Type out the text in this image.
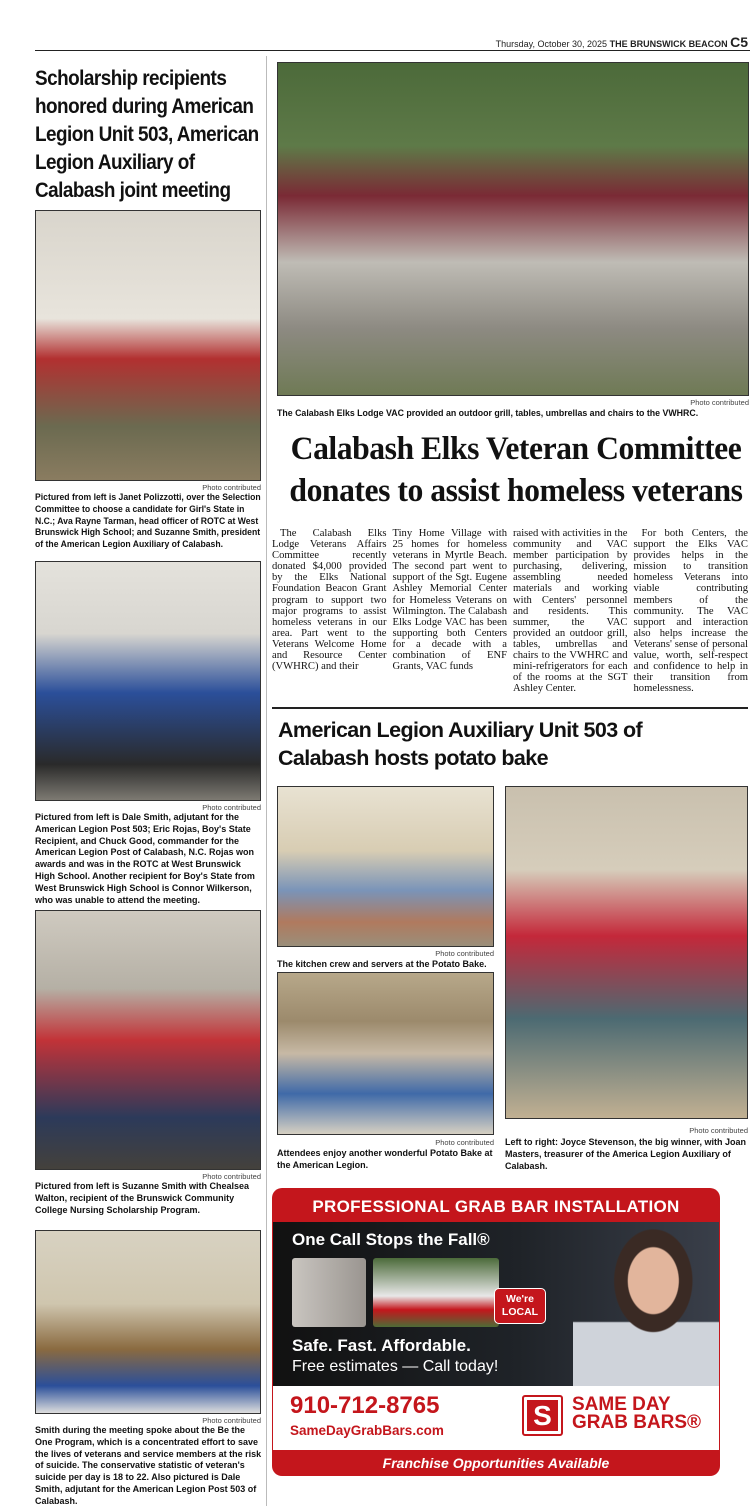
Thursday, October 30, 2025 THE BRUNSWICK BEACON C5
Scholarship recipients honored during American Legion Unit 503, American Legion Auxiliary of Calabash joint meeting
Photo contributed
Pictured from left is Janet Polizzotti, over the Selection Committee to choose a candidate for Girl's State in N.C.; Ava Rayne Tarman, head officer of ROTC at West Brunswick High School; and Suzanne Smith, president of the American Legion Auxiliary of Calabash.
Photo contributed
Pictured from left is Dale Smith, adjutant for the American Legion Post 503; Eric Rojas, Boy's State Recipient, and Chuck Good, commander for the American Legion Post of Calabash, N.C. Rojas won awards and was in the ROTC at West Brunswick High School. Another recipient for Boy's State from West Brunswick High School is Connor Wilkerson, who was unable to attend the meeting.
Photo contributed
Pictured from left is Suzanne Smith with Chealsea Walton, recipient of the Brunswick Community College Nursing Scholarship Program.
Photo contributed
Smith during the meeting spoke about the Be the One Program, which is a concentrated effort to save the lives of veterans and service members at the risk of suicide. The conservative statistic of veteran's suicide per day is 18 to 22. Also pictured is Dale Smith, adjutant for the American Legion Post 503 of Calabash.
Photo contributed
The Calabash Elks Lodge VAC provided an outdoor grill, tables, umbrellas and chairs to the VWHRC.
Calabash Elks Veteran Committee donates to assist homeless veterans

The Calabash Elks Lodge Veterans Affairs Committee recently donated $4,000 provided by the Elks National Foundation Beacon Grant program to support two major programs to assist homeless veterans in our area. Part went to the Veterans Welcome Home and Resource Center (VWHRC) and their

Tiny Home Village with 25 homes for homeless veterans in Myrtle Beach. The second part went to support of the Sgt. Eugene Ashley Memorial Center for Homeless Veterans on Wilmington. The Calabash Elks Lodge VAC has been supporting both Centers for a decade with a combination of ENF Grants, VAC funds

raised with activities in the community and VAC member participation by purchasing, delivering, assembling needed materials and working with Centers' personnel and residents. This summer, the VAC provided an outdoor grill, tables, umbrellas and chairs to the VWHRC and mini-refrigerators for each of the rooms at the SGT Ashley Center.

For both Centers, the support the Elks VAC provides helps in the mission to transition homeless Veterans into viable contributing members of the community. The VAC support and interaction also helps increase the Veterans' sense of personal value, worth, self-respect and confidence to help in their transition from homelessness.

American Legion Auxiliary Unit 503 of Calabash hosts potato bake
Photo contributed
The kitchen crew and servers at the Potato Bake.
Photo contributed
Attendees enjoy another wonderful Potato Bake at the American Legion.
Photo contributed
Left to right: Joyce Stevenson, the big winner, with Joan Masters, treasurer of the America Legion Auxiliary of Calabash.
PROFESSIONAL GRAB BAR INSTALLATION
One Call Stops the Fall®
We're
LOCAL
Safe. Fast. Affordable.
Free estimates — Call today!
910-712-8765
SameDayGrabBars.com	S	SAME DAY
GRAB BARS®
Franchise Opportunities Available
